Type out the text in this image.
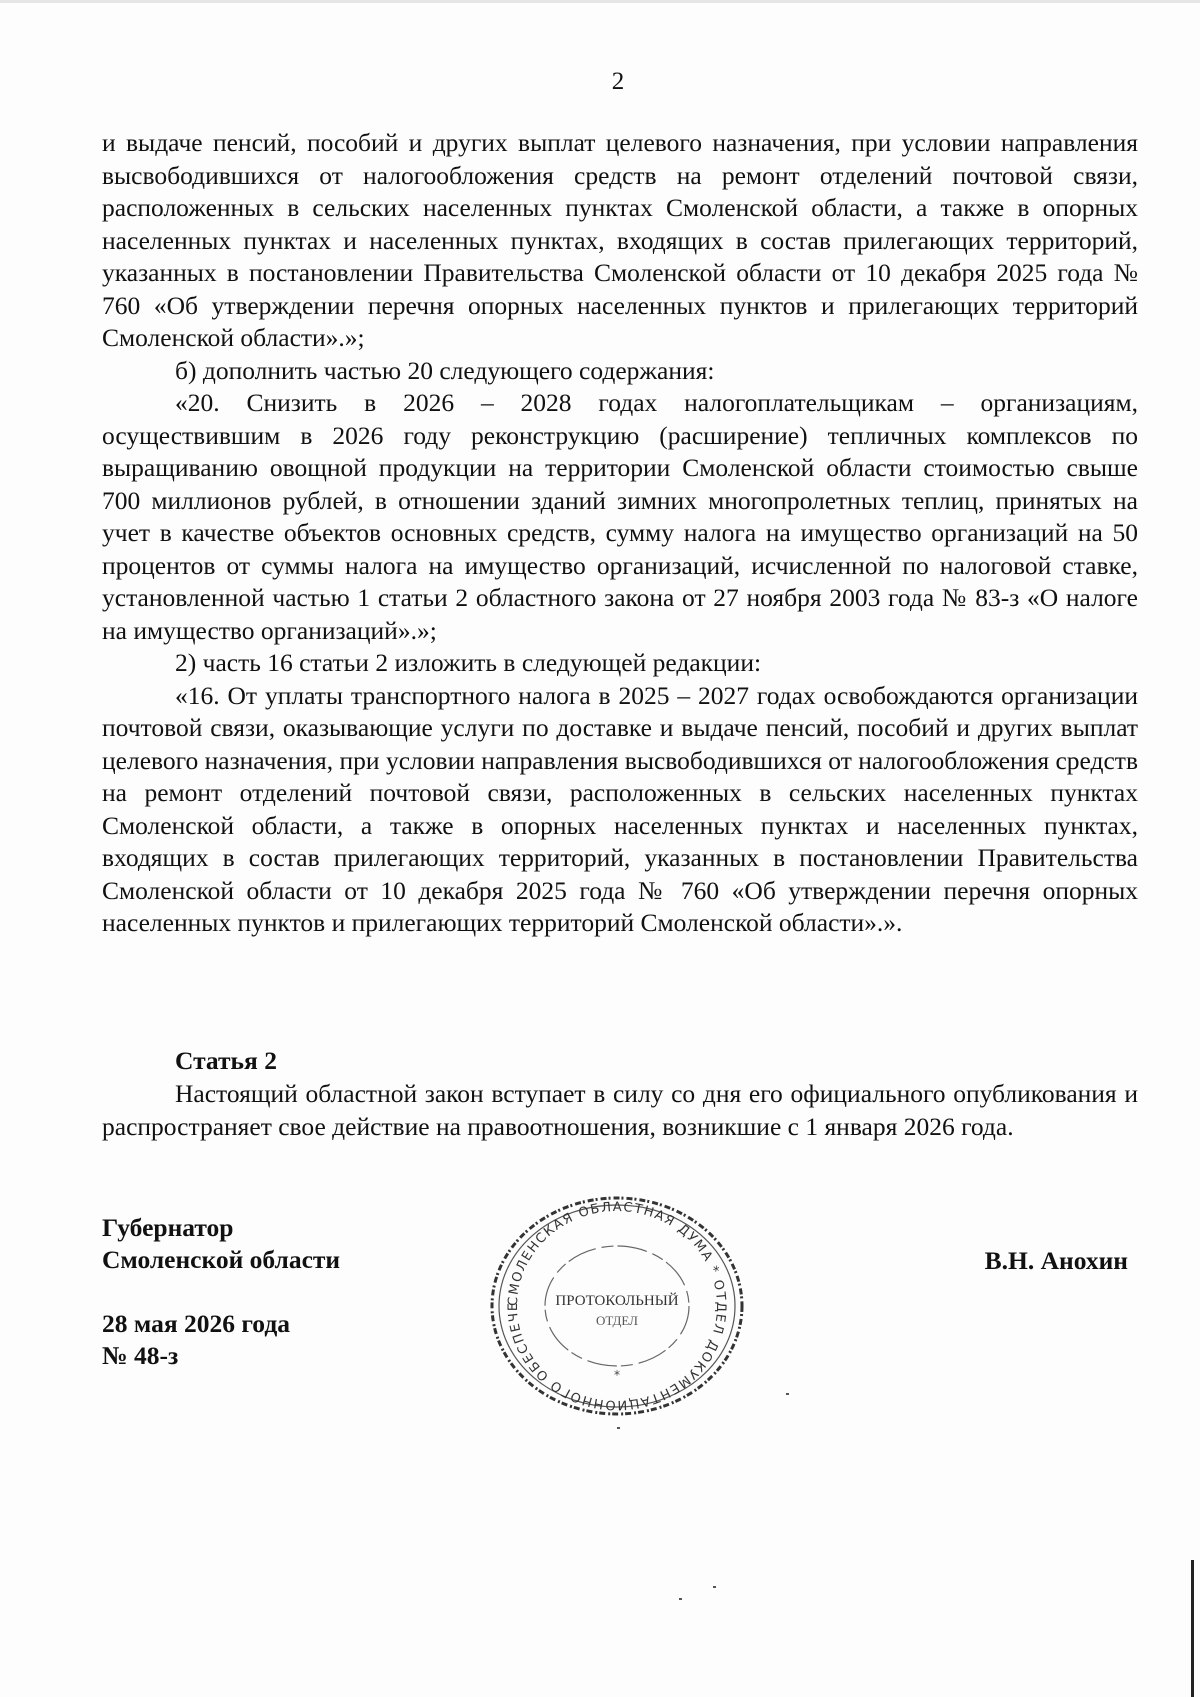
2

и выдаче пенсий, пособий и других выплат целевого назначения, при условии направления высвободившихся от налогообложения средств на ремонт отделений почтовой связи, расположенных в сельских населенных пунктах Смоленской области, а также в опорных населенных пунктах и населенных пунктах, входящих в состав прилегающих территорий, указанных в постановлении Правительства Смоленской области от 10 декабря 2025 года № 760 «Об утверждении перечня опорных населенных пунктов и прилегающих территорий Смоленской области».»;

б) дополнить частью 20 следующего содержания:

«20. Снизить в 2026 – 2028 годах налогоплательщикам – организациям, осуществившим в 2026 году реконструкцию (расширение) тепличных комплексов по выращиванию овощной продукции на территории Смоленской области стоимостью свыше 700 миллионов рублей, в отношении зданий зимних многопролетных теплиц, принятых на учет в качестве объектов основных средств, сумму налога на имущество организаций на 50 процентов от суммы налога на имущество организаций, исчисленной по налоговой ставке, установленной частью 1 статьи 2 областного закона от 27 ноября 2003 года № 83-з «О налоге на имущество организаций».»;

2) часть 16 статьи 2 изложить в следующей редакции:

«16. От уплаты транспортного налога в 2025 – 2027 годах освобождаются организации почтовой связи, оказывающие услуги по доставке и выдаче пенсий, пособий и других выплат целевого назначения, при условии направления высвободившихся от налогообложения средств на ремонт отделений почтовой связи, расположенных в сельских населенных пунктах Смоленской области, а также в опорных населенных пунктах и населенных пунктах, входящих в состав прилегающих территорий, указанных в постановлении Правительства Смоленской области от 10 декабря 2025 года № 760 «Об утверждении перечня опорных населенных пунктов и прилегающих территорий Смоленской области».».

Статья 2

Настоящий областной закон вступает в силу со дня его официального опубликования и распространяет свое действие на правоотношения, возникшие с 1 января 2026 года.

Губернатор
Смоленской области	В.Н. Анохин
28 мая 2026 года
№ 48-з
СМОЛЕНСКАЯ ОБЛАСТНАЯ ДУМА * ОТДЕЛ ДОКУМЕНТАЦИОННОГО ОБЕСПЕЧЕ	ПРОТОКОЛЬНЫЙ
ОТДЕЛ
*
